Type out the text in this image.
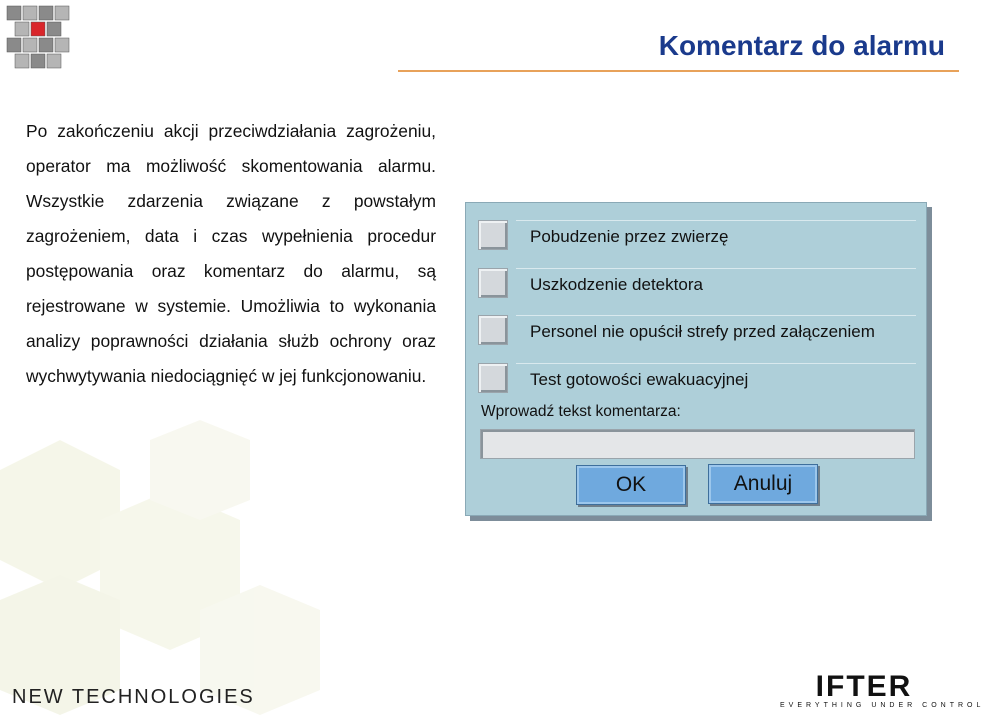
Komentarz do alarmu

Po zakończeniu akcji przeciwdziałania zagrożeniu, operator ma możliwość skomentowania alarmu. Wszystkie zdarzenia związane z powstałym zagrożeniem, data i czas wypełnienia procedur postępowania oraz komentarz do alarmu, są rejestrowane w systemie. Umożliwia to wykonania analizy poprawności działania służb ochrony oraz wychwytywania niedociągnięć w jej funkcjonowaniu.

Pobudzenie przez zwierzę
Uszkodzenie detektora
Personel nie opuścił strefy przed załączeniem
Test gotowości ewakuacyjnej
Wprowadź tekst komentarza:
OK	Anuluj
NEW TECHNOLOGIES	IFTER
EVERYTHING UNDER CONTROL
